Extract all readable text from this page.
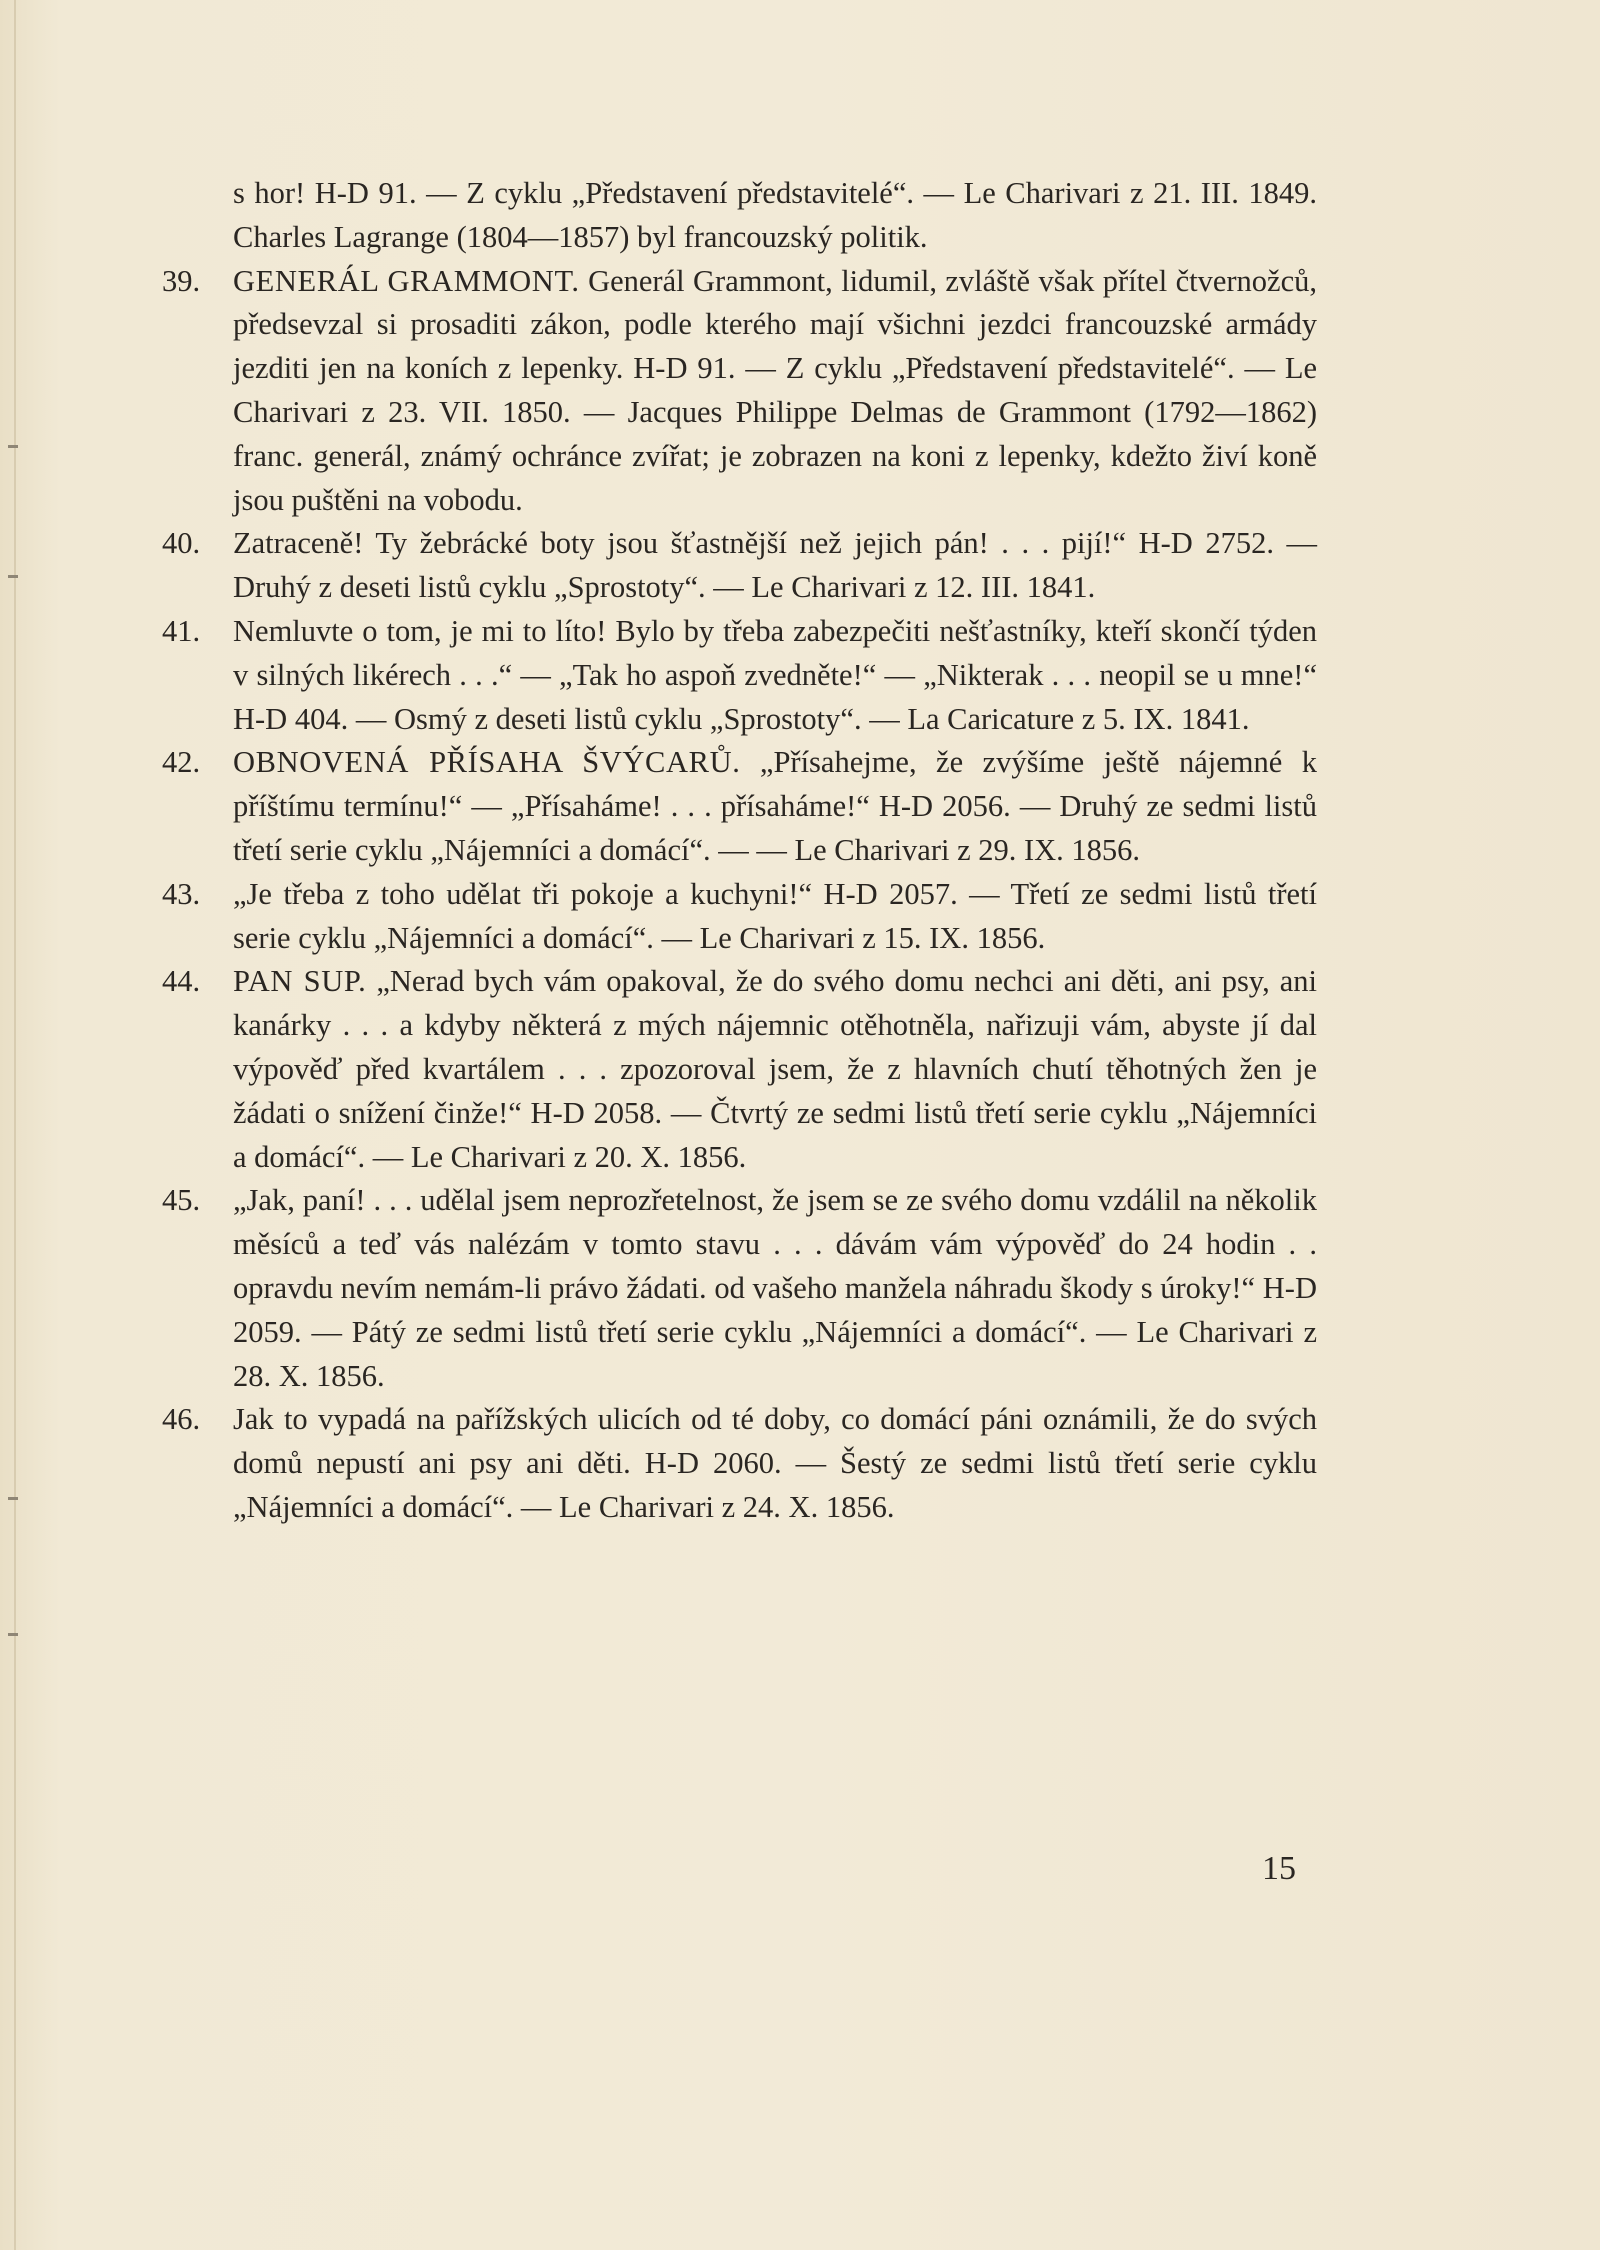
s hor! H-D 91. — Z cyklu „Představení představitelé“. — Le Charivari z 21. III. 1849. Charles Lagrange (1804—1857) byl francouzský politik.

39.	GENERÁL GRAMMONT. Generál Grammont, lidumil, zvláště však přítel čtvernožců, předsevzal si prosaditi zákon, podle kterého mají všichni jezdci francouzské armády jezditi jen na koních z lepenky. H-D 91. — Z cyklu „Představení představitelé“. — Le Charivari z 23. VII. 1850. — Jacques Philippe Delmas de Grammont (1792—1862) franc. generál, známý ochránce zvířat; je zobrazen na koni z lepenky, kdežto živí koně jsou puštěni na vobodu.
40.	Zatraceně! Ty žebrácké boty jsou šťastnější než jejich pán! . . . pijí!“ H-D 2752. — Druhý z deseti listů cyklu „Sprostoty“. — Le Charivari z 12. III. 1841.
41.	Nemluvte o tom, je mi to líto! Bylo by třeba zabezpečiti nešťastníky, kteří skončí týden v silných likérech . . .“ — „Tak ho aspoň zvedněte!“ — „Nikterak . . . neopil se u mne!“ H-D 404. — Osmý z deseti listů cyklu „Sprostoty“. — La Caricature z 5. IX. 1841.
42.	OBNOVENÁ PŘÍSAHA ŠVÝCARŮ. „Přísahejme, že zvýšíme ještě nájemné k příštímu termínu!“ — „Přísaháme! . . . přísaháme!“ H-D 2056. — Druhý ze sedmi listů třetí serie cyklu „Nájemníci a domácí“. — — Le Charivari z 29. IX. 1856.
43.	„Je třeba z toho udělat tři pokoje a kuchyni!“ H-D 2057. — Třetí ze sedmi listů třetí serie cyklu „Nájemníci a domácí“. — Le Charivari z 15. IX. 1856.
44.	PAN SUP. „Nerad bych vám opakoval, že do svého domu nechci ani děti, ani psy, ani kanárky . . . a kdyby některá z mých nájemnic otěhotněla, nařizuji vám, abyste jí dal výpověď před kvartálem . . . zpozoroval jsem, že z hlavních chutí těhotných žen je žádati o snížení činže!“ H-D 2058. — Čtvrtý ze sedmi listů třetí serie cyklu „Nájemníci a domácí“. — Le Charivari z 20. X. 1856.
45.	„Jak, paní! . . . udělal jsem neprozřetelnost, že jsem se ze svého domu vzdálil na několik měsíců a teď vás nalézám v tomto stavu . . . dávám vám výpověď do 24 hodin . . opravdu nevím nemám-li právo žádati. od vašeho manžela náhradu škody s úroky!“ H-D 2059. — Pátý ze sedmi listů třetí serie cyklu „Nájemníci a domácí“. — Le Charivari z 28. X. 1856.
46.	Jak to vypadá na pařížských ulicích od té doby, co domácí páni oznámili, že do svých domů nepustí ani psy ani děti. H-D 2060. — Šestý ze sedmi listů třetí serie cyklu „Nájemníci a domácí“. — Le Charivari z 24. X. 1856.
15
